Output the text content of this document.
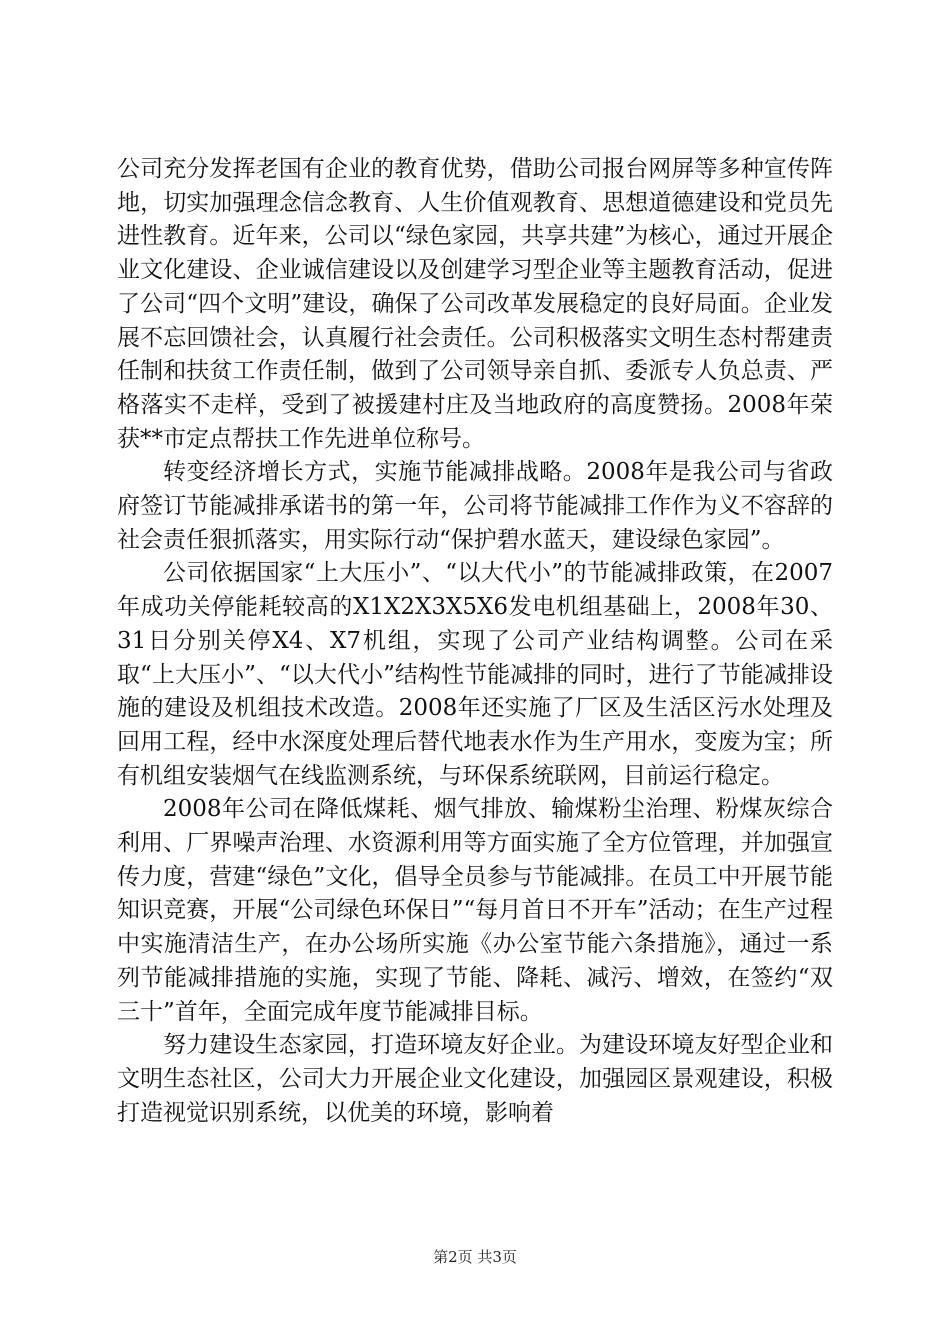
公司充分发挥老国有企业的教育优势，借助公司报台网屏等多种宣传阵地，切实加强理念信念教育、人生价值观教育、思想道德建设和党员先进性教育。近年来，公司以“绿色家园，共享共建”为核心，通过开展企业文化建设、企业诚信建设以及创建学习型企业等主题教育活动，促进了公司“四个文明”建设，确保了公司改革发展稳定的良好局面。企业发展不忘回馈社会，认真履行社会责任。公司积极落实文明生态村帮建责任制和扶贫工作责任制，做到了公司领导亲自抓、委派专人负总责、严格落实不走样，受到了被援建村庄及当地政府的高度赞扬。2008年荣获**市定点帮扶工作先进单位称号。

转变经济增长方式，实施节能减排战略。2008年是我公司与省政府签订节能减排承诺书的第一年，公司将节能减排工作作为义不容辞的社会责任狠抓落实，用实际行动“保护碧水蓝天，建设绿色家园”。

公司依据国家“上大压小”、“以大代小”的节能减排政策，在2007年成功关停能耗较高的X1X2X3X5X6发电机组基础上，2008年30、31日分别关停X4、X7机组，实现了公司产业结构调整。公司在采取“上大压小”、“以大代小”结构性节能减排的同时，进行了节能减排设施的建设及机组技术改造。2008年还实施了厂区及生活区污水处理及回用工程，经中水深度处理后替代地表水作为生产用水，变废为宝；所有机组安装烟气在线监测系统，与环保系统联网，目前运行稳定。

2008年公司在降低煤耗、烟气排放、输煤粉尘治理、粉煤灰综合利用、厂界噪声治理、水资源利用等方面实施了全方位管理，并加强宣传力度，营建“绿色”文化，倡导全员参与节能减排。在员工中开展节能知识竞赛，开展“公司绿色环保日”“每月首日不开车”活动；在生产过程中实施清洁生产，在办公场所实施《办公室节能六条措施》，通过一系列节能减排措施的实施，实现了节能、降耗、减污、增效，在签约“双三十”首年，全面完成年度节能减排目标。

努力建设生态家园，打造环境友好企业。为建设环境友好型企业和文明生态社区，公司大力开展企业文化建设，加强园区景观建设，积极打造视觉识别系统，以优美的环境，影响着

第2页 共3页
